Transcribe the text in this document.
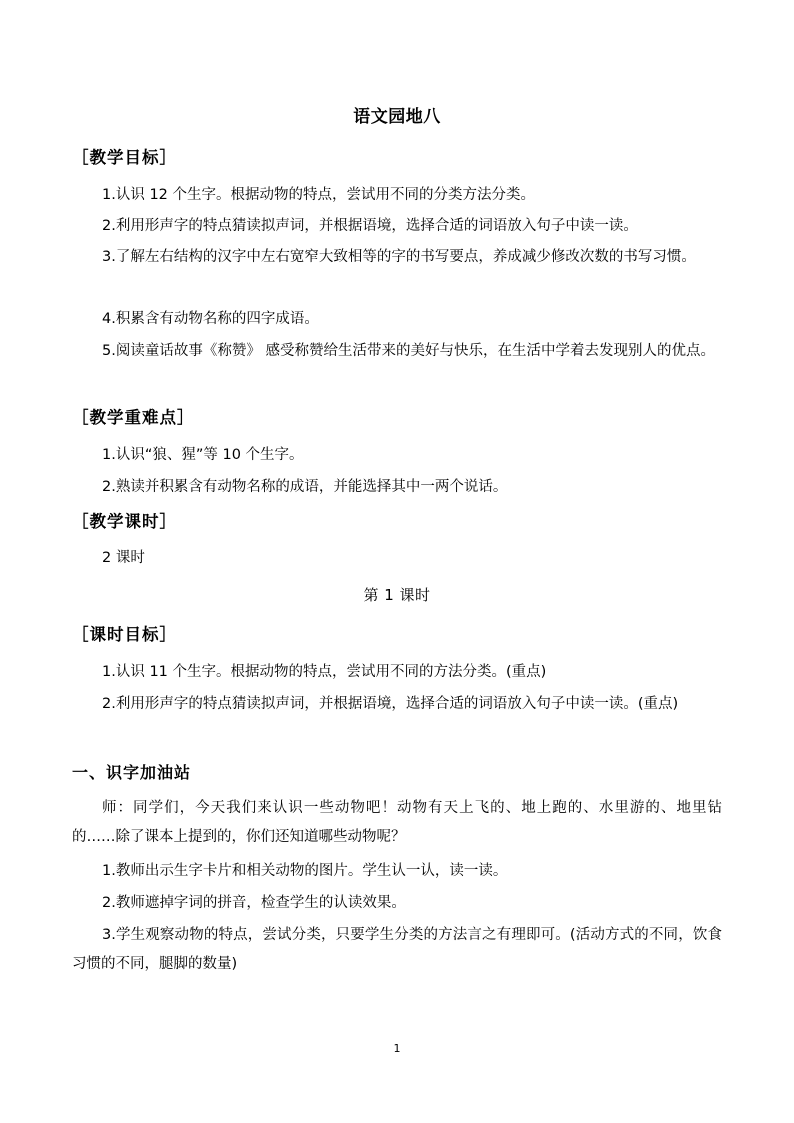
语文园地八
［教学目标］

1.认识 12 个生字。根据动物的特点，尝试用不同的分类方法分类。

2.利用形声字的特点猜读拟声词，并根据语境，选择合适的词语放入句子中读一读。

3.了解左右结构的汉字中左右宽窄大致相等的字的书写要点，养成减少修改次数的书写习惯。

4.积累含有动物名称的四字成语。

5.阅读童话故事《称赞》 感受称赞给生活带来的美好与快乐，在生活中学着去发现别人的优点。

［教学重难点］

1.认识“狼、猩”等 10 个生字。

2.熟读并积累含有动物名称的成语，并能选择其中一两个说话。

［教学课时］

2 课时

第 1 课时
［课时目标］

1.认识 11 个生字。根据动物的特点，尝试用不同的方法分类。(重点)

2.利用形声字的特点猜读拟声词，并根据语境，选择合适的词语放入句子中读一读。(重点)

一、识字加油站

师：同学们，今天我们来认识一些动物吧！动物有天上飞的、地上跑的、水里游的、地里钻的……除了课本上提到的，你们还知道哪些动物呢？

1.教师出示生字卡片和相关动物的图片。学生认一认，读一读。

2.教师遮掉字词的拼音，检查学生的认读效果。

3.学生观察动物的特点，尝试分类，只要学生分类的方法言之有理即可。(活动方式的不同，饮食习惯的不同，腿脚的数量)

1
